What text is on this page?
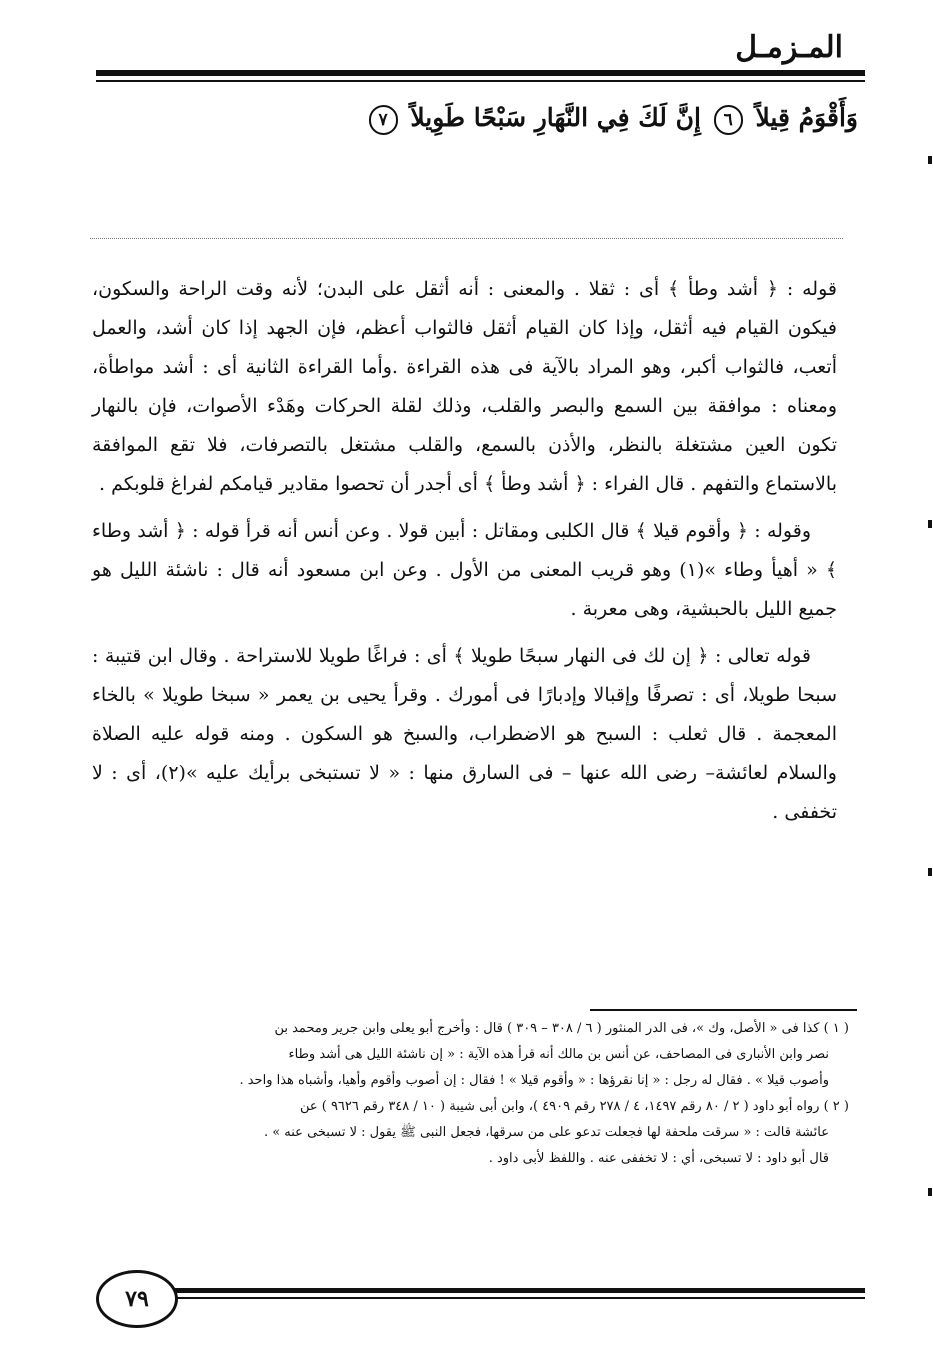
المـزمـل
وَأَقْوَمُ قِيلاً ٦ إِنَّ لَكَ فِي النَّهَارِ سَبْحًا طَوِيلاً ٧

قوله : ﴿ أشد وطأ ﴾ أى : ثقلا . والمعنى : أنه أثقل على البدن؛ لأنه وقت الراحة والسكون، فيكون القيام فيه أثقل، وإذا كان القيام أثقل فالثواب أعظم، فإن الجهد إذا كان أشد، والعمل أتعب، فالثواب أكبر، وهو المراد بالآية فى هذه القراءة .وأما القراءة الثانية أى : أشد مواطأة، ومعناه : موافقة بين السمع والبصر والقلب، وذلك لقلة الحركات وهَدْء الأصوات، فإن بالنهار تكون العين مشتغلة بالنظر، والأذن بالسمع، والقلب مشتغل بالتصرفات، فلا تقع الموافقة بالاستماع والتفهم . قال الفراء : ﴿ أشد وطأ ﴾ أى أجدر أن تحصوا مقادير قيامكم لفراغ قلوبكم .

وقوله : ﴿ وأقوم قيلا ﴾ قال الكلبى ومقاتل : أبين قولا . وعن أنس أنه قرأ قوله : ﴿ أشد وطاء ﴾ « أهيأ وطاء »(١) وهو قريب المعنى من الأول . وعن ابن مسعود أنه قال : ناشئة الليل هو جميع الليل بالحبشية، وهى معربة .

قوله تعالى : ﴿ إن لك فى النهار سبحًا طويلا ﴾ أى : فراغًا طويلا للاستراحة . وقال ابن قتيبة : سبحا طويلا، أى : تصرفًا وإقبالا وإدبارًا فى أمورك . وقرأ يحيى بن يعمر « سبخا طويلا » بالخاء المعجمة . قال ثعلب : السبح هو الاضطراب، والسبخ هو السكون . ومنه قوله عليه الصلاة والسلام لعائشة– رضى الله عنها – فى السارق منها : « لا تستبخى برأيك عليه »(٢)، أى : لا تخففى .

( ١ ) كذا فى « الأصل، وك »، فى الدر المنثور ( ٦ / ٣٠٨ – ٣٠٩ ) قال : وأخرج أبو يعلى وابن جرير ومحمد بن

نصر وابن الأنبارى فى المصاحف، عن أنس بن مالك أنه قرأ هذه الآية : « إن ناشئة الليل هى أشد وطاء

وأصوب قيلا » . فقال له رجل : « إنا نقرؤها : « وأقوم قيلا » ! فقال : إن أصوب وأقوم وأهيا، وأشباه هذا واحد .

( ٢ ) رواه أبو داود ( ٢ / ٨٠ رقم ١٤٩٧، ٤ / ٢٧٨ رقم ٤٩٠٩ )، وابن أبى شيبة ( ١٠ / ٣٤٨ رقم ٩٦٢٦ ) عن

عائشة قالت : « سرقت ملحفة لها فجعلت تدعو على من سرقها، فجعل النبى ﷺ يقول : لا تسبخى عنه » .

قال أبو داود : لا تسبخى، أي : لا تخففى عنه . واللفظ لأبى داود .

٧٩
